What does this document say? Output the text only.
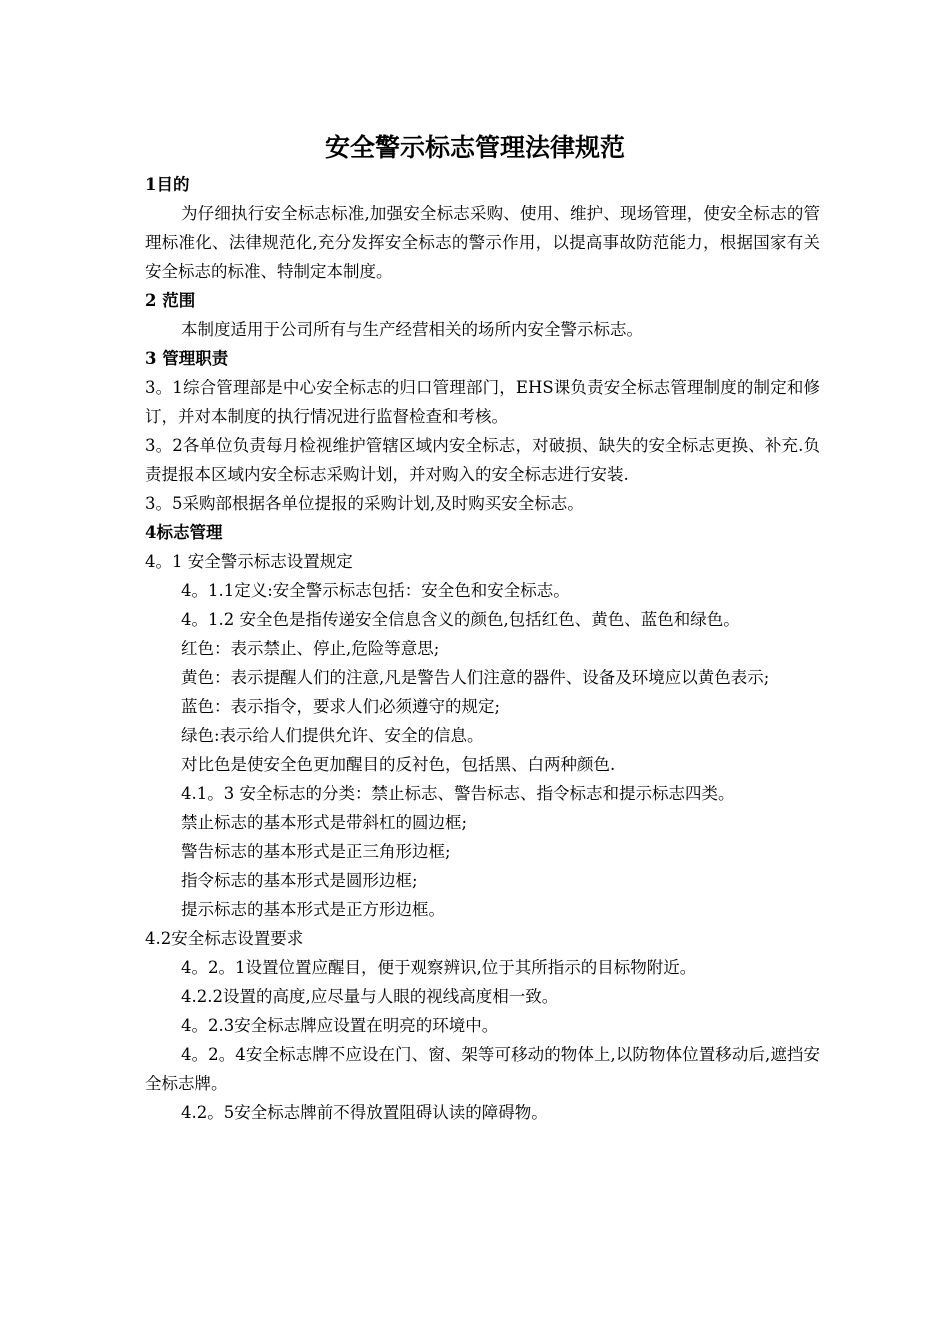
安全警示标志管理法律规范
1目的

为仔细执行安全标志标准,加强安全标志采购、使用、维护、现场管理，使安全标志的管理标准化、法律规范化,充分发挥安全标志的警示作用，以提高事故防范能力，根据国家有关安全标志的标准、特制定本制度。

2 范围

本制度适用于公司所有与生产经营相关的场所内安全警示标志。

3 管理职责

3。1综合管理部是中心安全标志的归口管理部门，EHS课负责安全标志管理制度的制定和修订，并对本制度的执行情况进行监督检查和考核。

3。2各单位负责每月检视维护管辖区域内安全标志，对破损、缺失的安全标志更换、补充.负责提报本区域内安全标志采购计划，并对购入的安全标志进行安装.

3。5采购部根据各单位提报的采购计划,及时购买安全标志。

4标志管理

4。1 安全警示标志设置规定

4。1.1定义:安全警示标志包括：安全色和安全标志。

4。1.2 安全色是指传递安全信息含义的颜色,包括红色、黄色、蓝色和绿色。

红色：表示禁止、停止,危险等意思;

黄色：表示提醒人们的注意,凡是警告人们注意的器件、设备及环境应以黄色表示;

蓝色：表示指令，要求人们必须遵守的规定;

绿色:表示给人们提供允许、安全的信息。

对比色是使安全色更加醒目的反衬色，包括黑、白两种颜色.

4.1。3 安全标志的分类：禁止标志、警告标志、指令标志和提示标志四类。

禁止标志的基本形式是带斜杠的圆边框;

警告标志的基本形式是正三角形边框;

指令标志的基本形式是圆形边框;

提示标志的基本形式是正方形边框。

4.2安全标志设置要求

4。2。1设置位置应醒目，便于观察辨识,位于其所指示的目标物附近。

4.2.2设置的高度,应尽量与人眼的视线高度相一致。

4。2.3安全标志牌应设置在明亮的环境中。

4。2。4安全标志牌不应设在门、窗、架等可移动的物体上,以防物体位置移动后,遮挡安全标志牌。

4.2。5安全标志牌前不得放置阻碍认读的障碍物。
